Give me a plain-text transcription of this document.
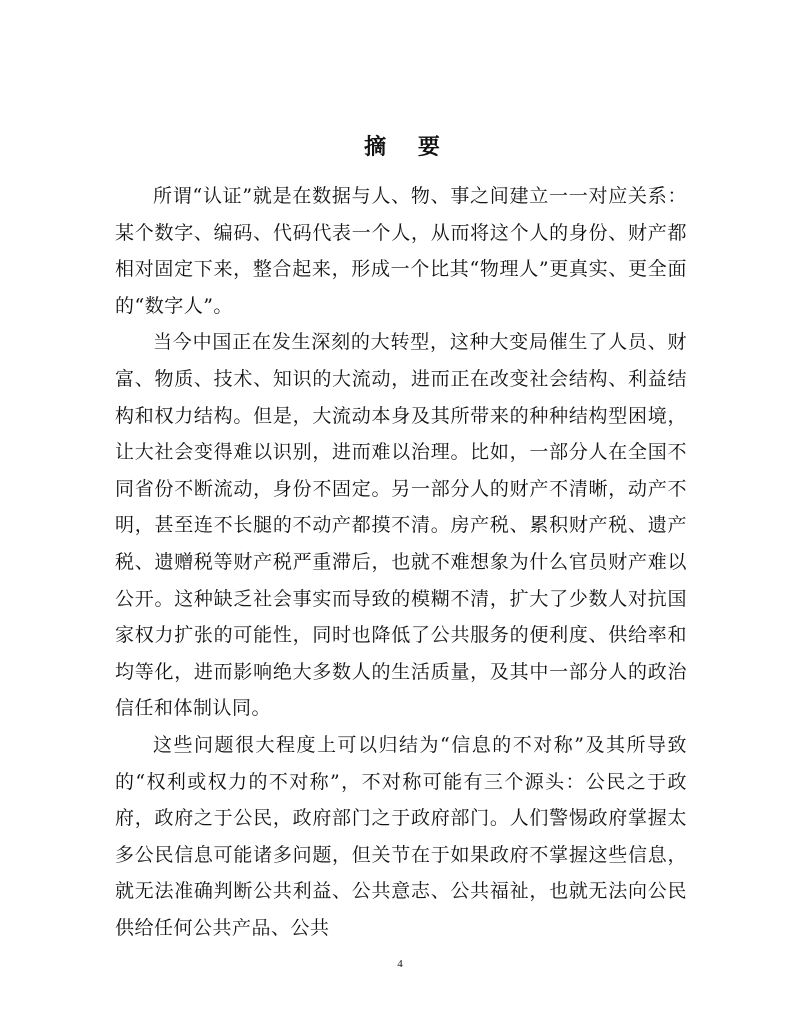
摘 要

所谓“认证”就是在数据与人、物、事之间建立一一对应关系：某个数字、编码、代码代表一个人，从而将这个人的身份、财产都相对固定下来，整合起来，形成一个比其“物理人”更真实、更全面的“数字人”。

当今中国正在发生深刻的大转型，这种大变局催生了人员、财富、物质、技术、知识的大流动，进而正在改变社会结构、利益结构和权力结构。但是，大流动本身及其所带来的种种结构型困境，让大社会变得难以识别，进而难以治理。比如，一部分人在全国不同省份不断流动，身份不固定。另一部分人的财产不清晰，动产不明，甚至连不长腿的不动产都摸不清。房产税、累积财产税、遗产税、遗赠税等财产税严重滞后，也就不难想象为什么官员财产难以公开。这种缺乏社会事实而导致的模糊不清，扩大了少数人对抗国家权力扩张的可能性，同时也降低了公共服务的便利度、供给率和均等化，进而影响绝大多数人的生活质量，及其中一部分人的政治信任和体制认同。

这些问题很大程度上可以归结为“信息的不对称”及其所导致的“权利或权力的不对称”，不对称可能有三个源头：公民之于政府，政府之于公民，政府部门之于政府部门。人们警惕政府掌握太多公民信息可能诸多问题，但关节在于如果政府不掌握这些信息，就无法准确判断公共利益、公共意志、公共福祉，也就无法向公民供给任何公共产品、公共

4
